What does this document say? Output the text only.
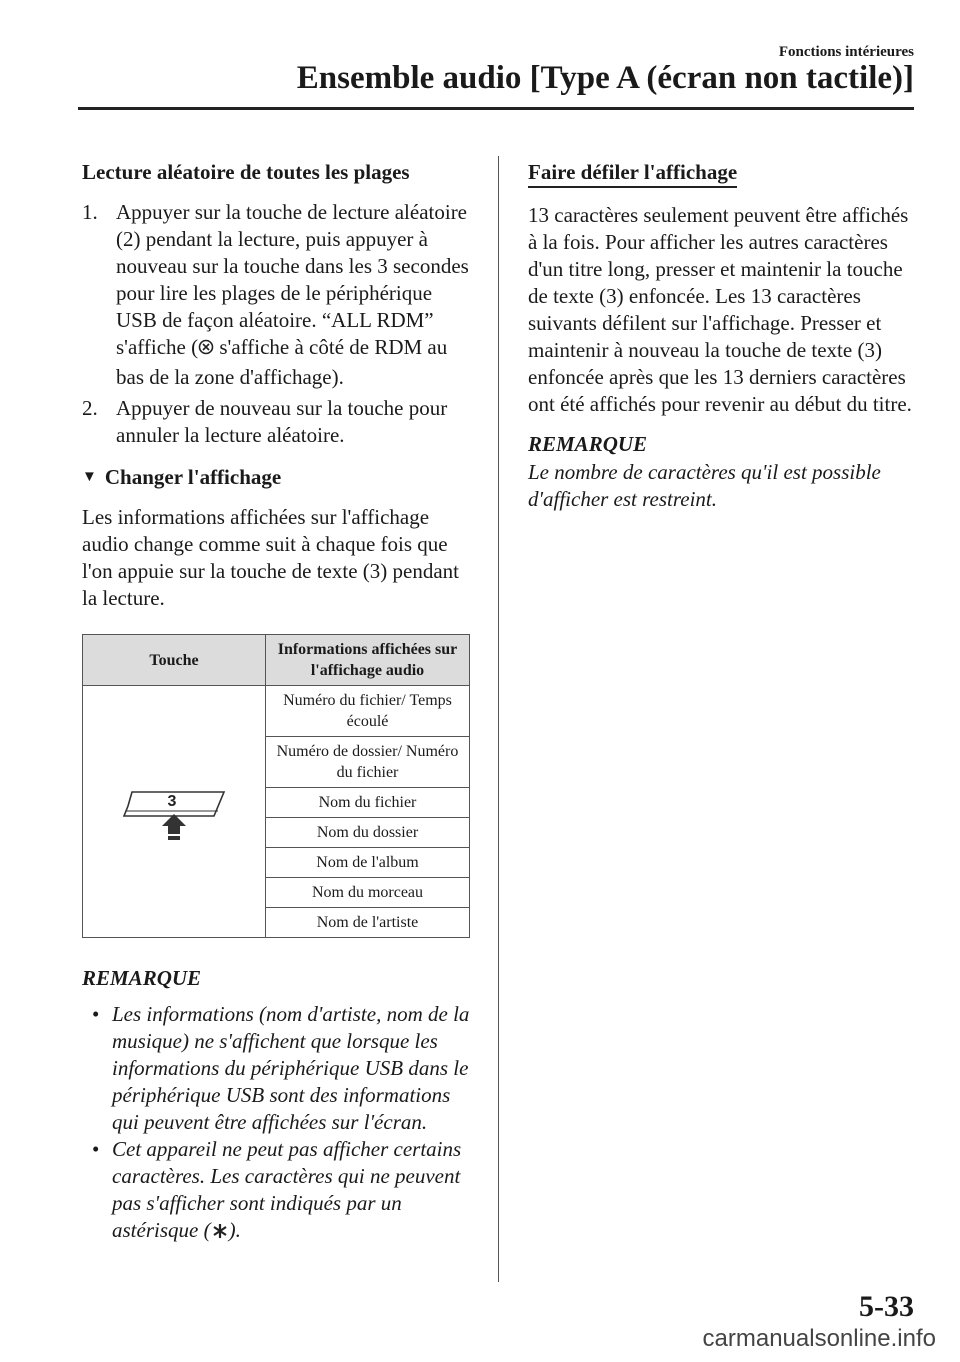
Fonctions intérieures
Ensemble audio [Type A (écran non tactile)]
Lecture aléatoire de toutes les plages
1. Appuyer sur la touche de lecture aléatoire (2) pendant la lecture, puis appuyer à nouveau sur la touche dans les 3 secondes pour lire les plages de le périphérique USB de façon aléatoire. “ALL RDM” s'affiche ( s'affiche à côté de RDM au bas de la zone d'affichage).
2. Appuyer de nouveau sur la touche pour annuler la lecture aléatoire.
▼ Changer l'affichage
Les informations affichées sur l'affichage audio change comme suit à chaque fois que l'on appuie sur la touche de texte (3) pendant la lecture.
Touche	Informations affichées sur l'affichage audio

3	Numéro du fichier/ Temps écoulé
	Numéro de dossier/ Numéro du fichier
	Nom du fichier
	Nom du dossier
	Nom de l'album
	Nom du morceau
	Nom de l'artiste
REMARQUE
• Les informations (nom d'artiste, nom de la musique) ne s'affichent que lorsque les informations du périphérique USB dans le périphérique USB sont des informations qui peuvent être affichées sur l'écran.
• Cet appareil ne peut pas afficher certains caractères. Les caractères qui ne peuvent pas s'afficher sont indiqués par un astérisque ( ).
Faire défiler l'affichage
13 caractères seulement peuvent être affichés à la fois. Pour afficher les autres caractères d'un titre long, presser et maintenir la touche de texte (3) enfoncée. Les 13 caractères suivants défilent sur l'affichage. Presser et maintenir à nouveau la touche de texte (3) enfoncée après que les 13 derniers caractères ont été affichés pour revenir au début du titre.
REMARQUE
Le nombre de caractères qu'il est possible d'afficher est restreint.
5-33
carmanualsonline.info
